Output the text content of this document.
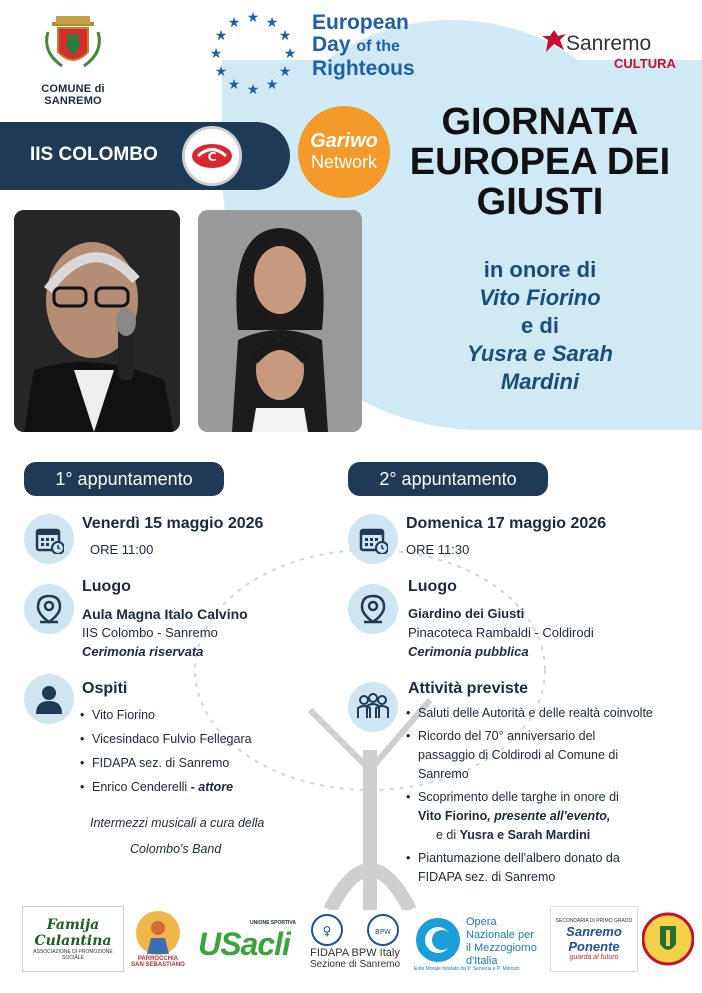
COMUNE di SANREMO
★ ★
★
★
★
★
★
★
★
★
★
★	European
Day of the
Righteous
Sanremo
CULTURA
IIS COLOMBO	C
Gariwo
Network
GIORNATA
EUROPEA DEI
GIUSTI
in onore di
Vito Fiorino
e di
Yusra e Sarah
Mardini
1° appuntamento
Venerdì 15 maggio 2026
ORE 11:00
Luogo
Aula Magna Italo Calvino
IIS Colombo - Sanremo
Cerimonia riservata
Ospiti
• Vito Fiorino
• Vicesindaco Fulvio Fellegara
• FIDAPA sez. di Sanremo
• Enrico Cenderelli - attore
Intermezzi musicali a cura della
Colombo's Band
2° appuntamento
Domenica 17 maggio 2026
ORE 11:30
Luogo
Giardino dei Giusti
Pinacoteca Rambaldi - Coldirodi
Cerimonia pubblica
Attività previste
• Saluti delle Autorità e delle realtà coinvolte
• Ricordo del 70° anniversario del passaggio di Coldirodi al Comune di Sanremo
• Scoprimento delle targhe in onore di
Vito Fiorino, presente all'evento,
e di Yusra e Sarah Mardini
• Piantumazione dell'albero donato da FIDAPA sez. di Sanremo
Famija
Culantina
ASSOCIAZIONE DI PROMOZIONE SOCIALE	PARROCCHIA
SAN SEBASTIANO
UNIONE SPORTIVA
USacli	♀	BPW
FIDAPA BPW Italy
Sezione di Sanremo
Opera
Nazionale per
il Mezzogiorno
d'Italia
Ente Morale fondato da P. Semeria e P. Minozzi
SECONDARIA DI PRIMO GRADO
Sanremo
Ponente
guarda al futuro
